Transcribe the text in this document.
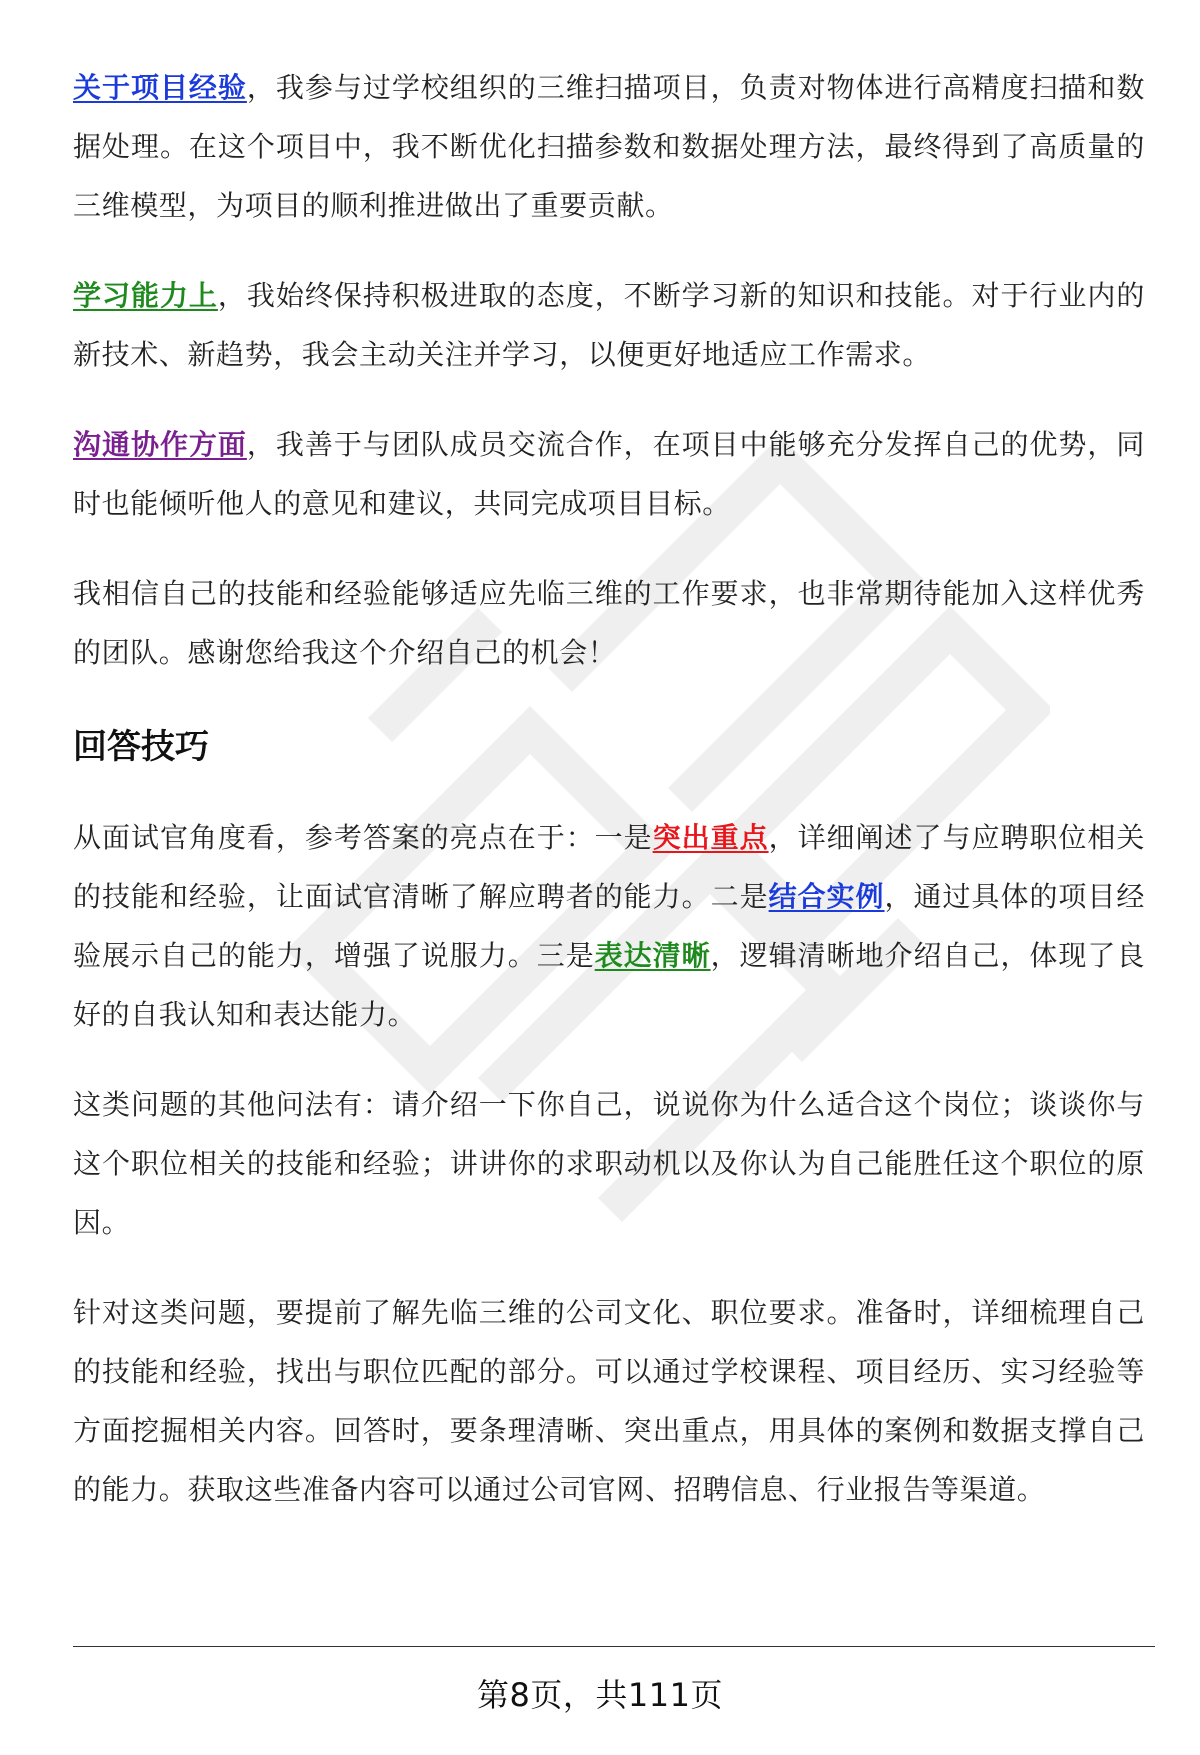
关于项目经验，我参与过学校组织的三维扫描项目，负责对物体进行高精度扫描和数据处理。在这个项目中，我不断优化扫描参数和数据处理方法，最终得到了高质量的三维模型，为项目的顺利推进做出了重要贡献。

学习能力上，我始终保持积极进取的态度，不断学习新的知识和技能。对于行业内的新技术、新趋势，我会主动关注并学习，以便更好地适应工作需求。

沟通协作方面，我善于与团队成员交流合作，在项目中能够充分发挥自己的优势，同时也能倾听他人的意见和建议，共同完成项目目标。

我相信自己的技能和经验能够适应先临三维的工作要求，也非常期待能加入这样优秀的团队。感谢您给我这个介绍自己的机会！

回答技巧

从面试官角度看，参考答案的亮点在于：一是突出重点，详细阐述了与应聘职位相关的技能和经验，让面试官清晰了解应聘者的能力。二是结合实例，通过具体的项目经验展示自己的能力，增强了说服力。三是表达清晰，逻辑清晰地介绍自己，体现了良好的自我认知和表达能力。

这类问题的其他问法有：请介绍一下你自己，说说你为什么适合这个岗位；谈谈你与这个职位相关的技能和经验；讲讲你的求职动机以及你认为自己能胜任这个职位的原因。

针对这类问题，要提前了解先临三维的公司文化、职位要求。准备时，详细梳理自己的技能和经验，找出与职位匹配的部分。可以通过学校课程、项目经历、实习经验等方面挖掘相关内容。回答时，要条理清晰、突出重点，用具体的案例和数据支撑自己的能力。获取这些准备内容可以通过公司官网、招聘信息、行业报告等渠道。

第8页，共111页
